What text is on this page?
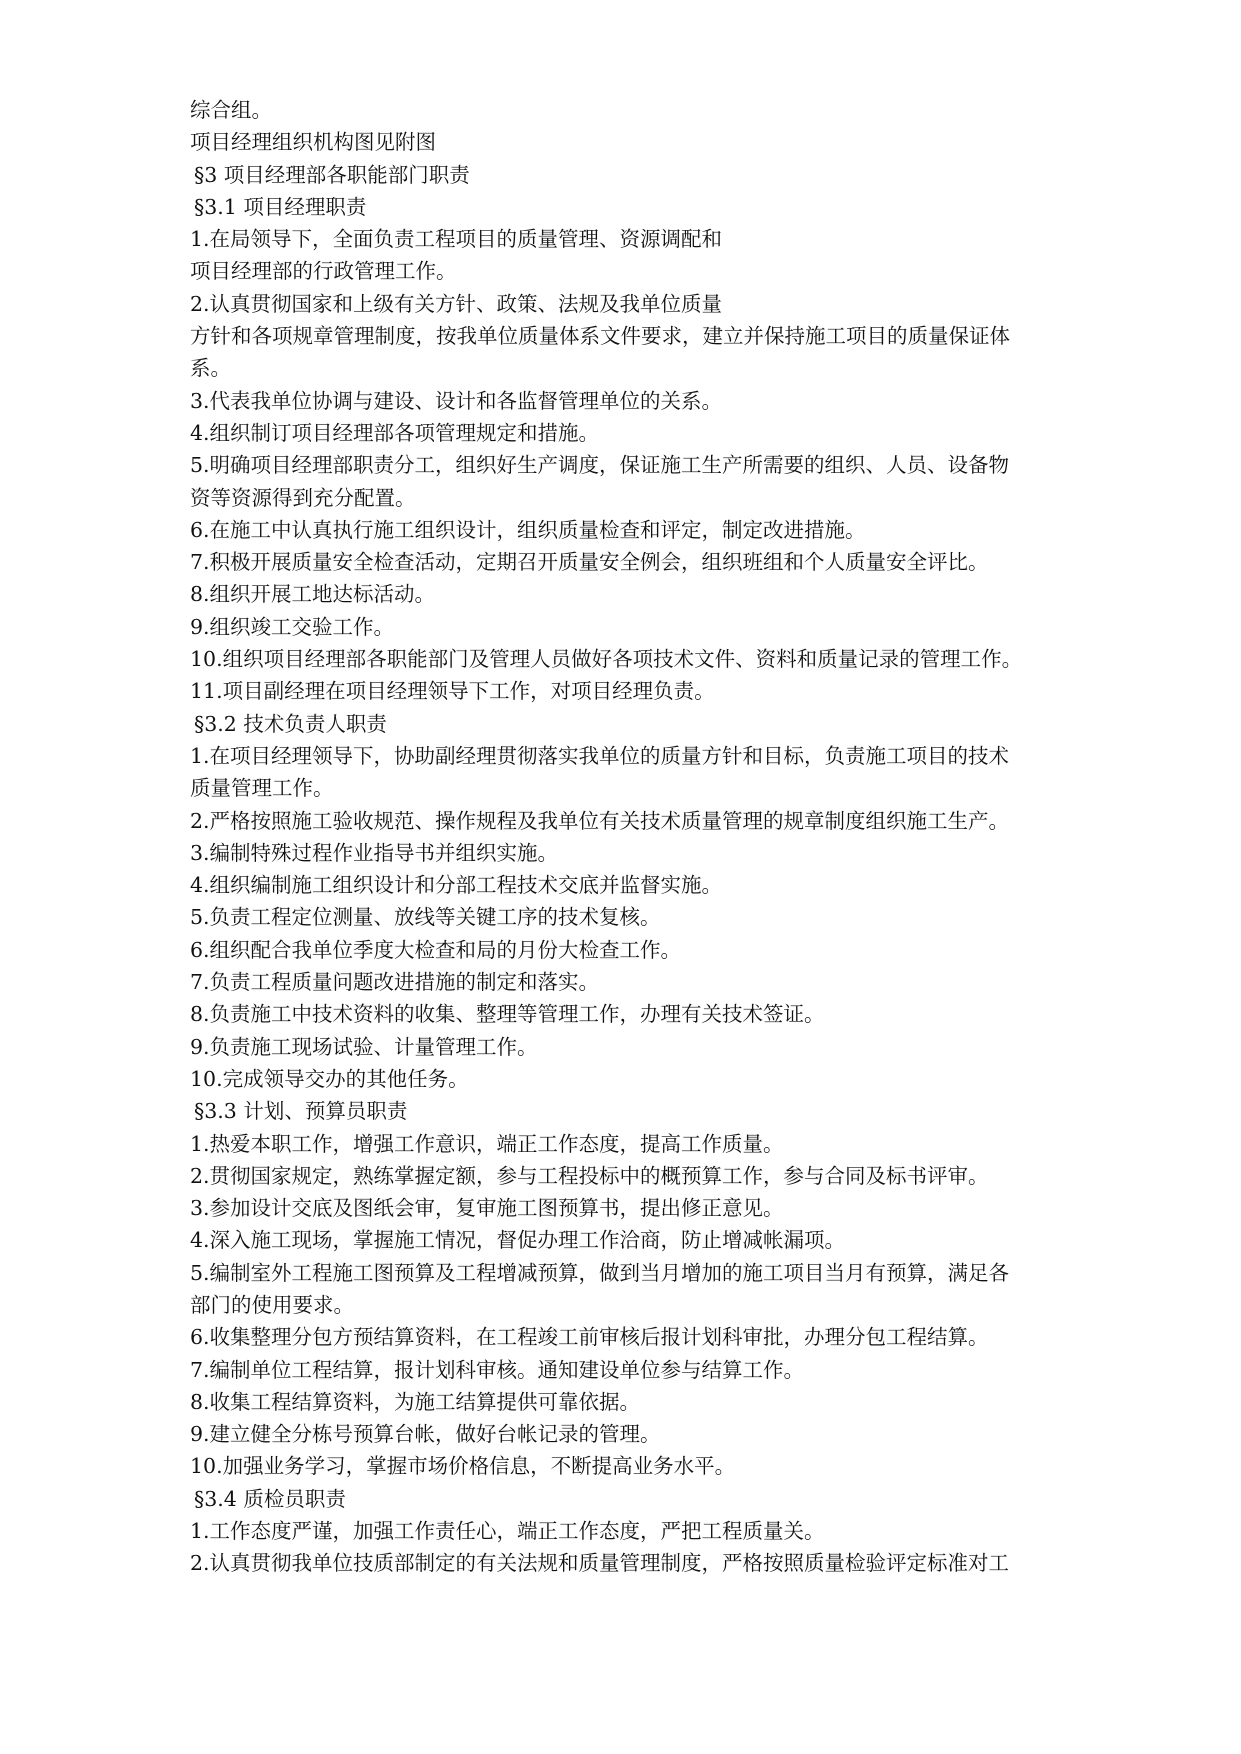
综合组。

项目经理组织机构图见附图

§3 项目经理部各职能部门职责

§3.1 项目经理职责

1.在局领导下，全面负责工程项目的质量管理、资源调配和

项目经理部的行政管理工作。

2.认真贯彻国家和上级有关方针、政策、法规及我单位质量

方针和各项规章管理制度，按我单位质量体系文件要求，建立并保持施工项目的质量保证体

系。

3.代表我单位协调与建设、设计和各监督管理单位的关系。

4.组织制订项目经理部各项管理规定和措施。

5.明确项目经理部职责分工，组织好生产调度，保证施工生产所需要的组织、人员、设备物

资等资源得到充分配置。

6.在施工中认真执行施工组织设计，组织质量检查和评定，制定改进措施。

7.积极开展质量安全检查活动，定期召开质量安全例会，组织班组和个人质量安全评比。

8.组织开展工地达标活动。

9.组织竣工交验工作。

10.组织项目经理部各职能部门及管理人员做好各项技术文件、资料和质量记录的管理工作。

11.项目副经理在项目经理领导下工作，对项目经理负责。

§3.2 技术负责人职责

1.在项目经理领导下，协助副经理贯彻落实我单位的质量方针和目标，负责施工项目的技术

质量管理工作。

2.严格按照施工验收规范、操作规程及我单位有关技术质量管理的规章制度组织施工生产。

3.编制特殊过程作业指导书并组织实施。

4.组织编制施工组织设计和分部工程技术交底并监督实施。

5.负责工程定位测量、放线等关键工序的技术复核。

6.组织配合我单位季度大检查和局的月份大检查工作。

7.负责工程质量问题改进措施的制定和落实。

8.负责施工中技术资料的收集、整理等管理工作，办理有关技术签证。

9.负责施工现场试验、计量管理工作。

10.完成领导交办的其他任务。

§3.3 计划、预算员职责

1.热爱本职工作，增强工作意识，端正工作态度，提高工作质量。

2.贯彻国家规定，熟练掌握定额，参与工程投标中的概预算工作，参与合同及标书评审。

3.参加设计交底及图纸会审，复审施工图预算书，提出修正意见。

4.深入施工现场，掌握施工情况，督促办理工作洽商，防止增减帐漏项。

5.编制室外工程施工图预算及工程增减预算，做到当月增加的施工项目当月有预算，满足各

部门的使用要求。

6.收集整理分包方预结算资料，在工程竣工前审核后报计划科审批，办理分包工程结算。

7.编制单位工程结算，报计划科审核。通知建设单位参与结算工作。

8.收集工程结算资料，为施工结算提供可靠依据。

9.建立健全分栋号预算台帐，做好台帐记录的管理。

10.加强业务学习，掌握市场价格信息，不断提高业务水平。

§3.4 质检员职责

1.工作态度严谨，加强工作责任心，端正工作态度，严把工程质量关。

2.认真贯彻我单位技质部制定的有关法规和质量管理制度，严格按照质量检验评定标准对工
